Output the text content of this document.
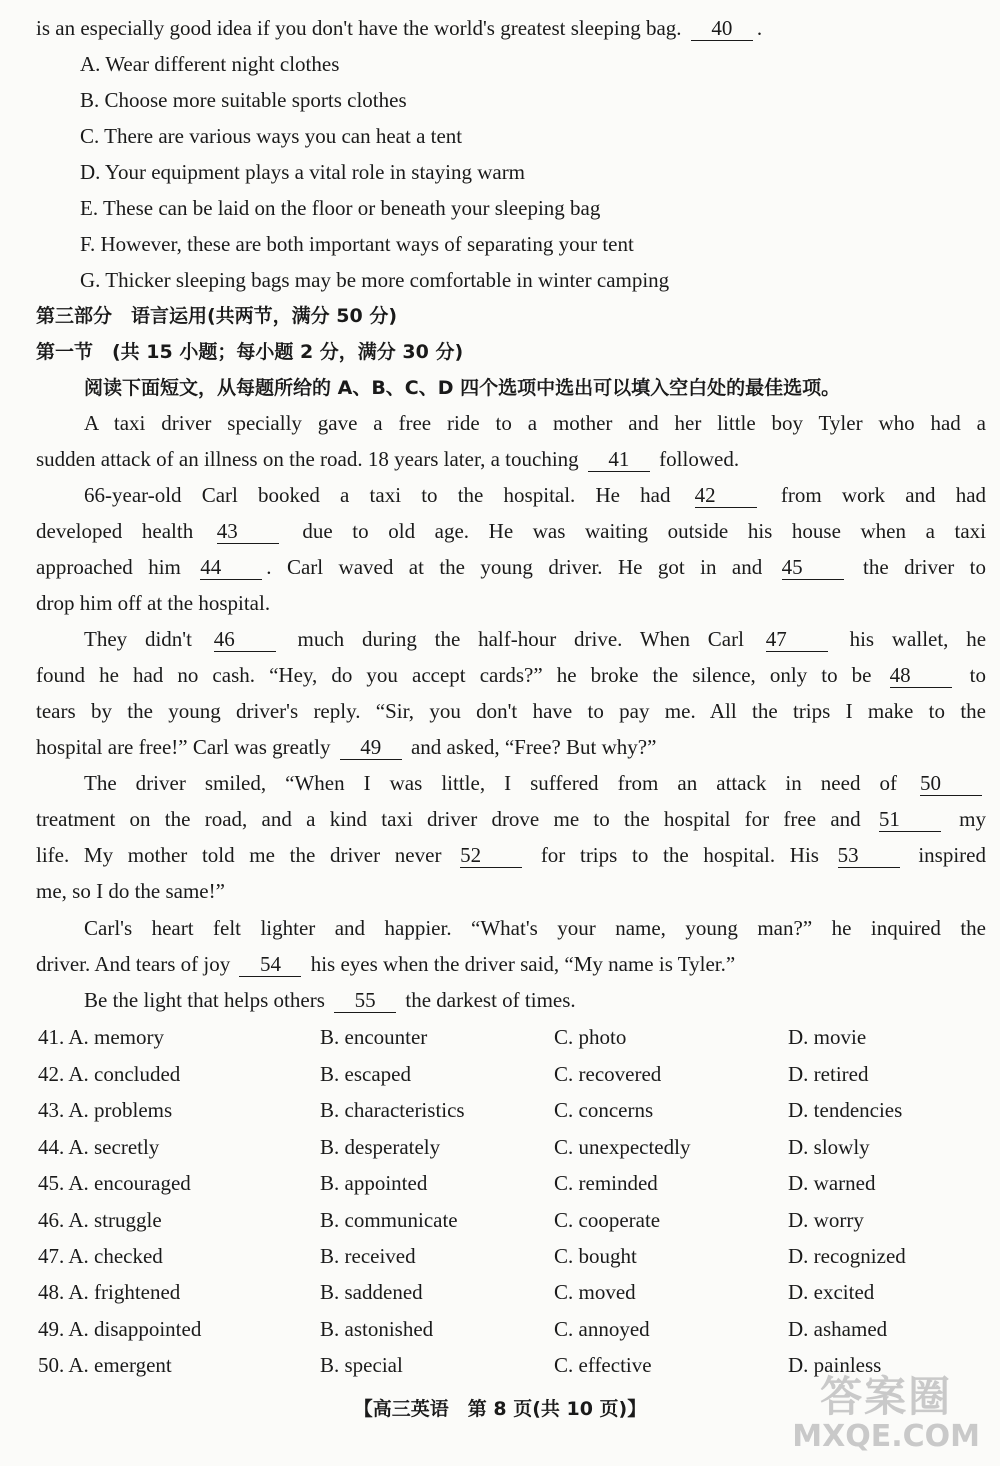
is an especially good idea if you don't have the world's greatest sleeping bag. 40 .
A. Wear different night clothes
B. Choose more suitable sports clothes
C. There are various ways you can heat a tent
D. Your equipment plays a vital role in staying warm
E. These can be laid on the floor or beneath your sleeping bag
F. However, these are both important ways of separating your tent
G. Thicker sleeping bags may be more comfortable in winter camping
第三部分　语言运用(共两节，满分 50 分)
第一节　(共 15 小题；每小题 2 分，满分 30 分)
阅读下面短文，从每题所给的 A、B、C、D 四个选项中选出可以填入空白处的最佳选项。
A taxi driver specially gave a free ride to a mother and her little boy Tyler who had a
sudden attack of an illness on the road. 18 years later, a touching 41 followed.
66-year-old Carl booked a taxi to the hospital. He had 42	from work and had
developed health 43	due to old age. He was waiting outside his house when a taxi
approached him 44 . Carl waved at the young driver. He got in and 45	the driver to
drop him off at the hospital.
They didn't 46	much during the half-hour drive. When Carl 47	his wallet, he
found he had no cash. “Hey, do you accept cards?” he broke the silence, only to be 48	to
tears by the young driver's reply. “Sir, you don't have to pay me. All the trips I make to the
hospital are free!” Carl was greatly 49 and asked, “Free? But why?”
The driver smiled, “When I was little, I suffered from an attack in need of 50
treatment on the road, and a kind taxi driver drove me to the hospital for free and 51	my
life. My mother told me the driver never 52	for trips to the hospital. His 53	inspired
me, so I do the same!”
Carl's heart felt lighter and happier. “What's your name, young man?” he inquired the
driver. And tears of joy 54 his eyes when the driver said, “My name is Tyler.”
Be the light that helps others 55 the darkest of times.
41. A. memory	B. encounter	C. photo	D. movie
42. A. concluded	B. escaped	C. recovered	D. retired
43. A. problems	B. characteristics	C. concerns	D. tendencies
44. A. secretly	B. desperately	C. unexpectedly	D. slowly
45. A. encouraged	B. appointed	C. reminded	D. warned
46. A. struggle	B. communicate	C. cooperate	D. worry
47. A. checked	B. received	C. bought	D. recognized
48. A. frightened	B. saddened	C. moved	D. excited
49. A. disappointed	B. astonished	C. annoyed	D. ashamed
50. A. emergent	B. special	C. effective	D. painless
【高三英语　第 8 页(共 10 页)】	答案圈
MXQE.COM
